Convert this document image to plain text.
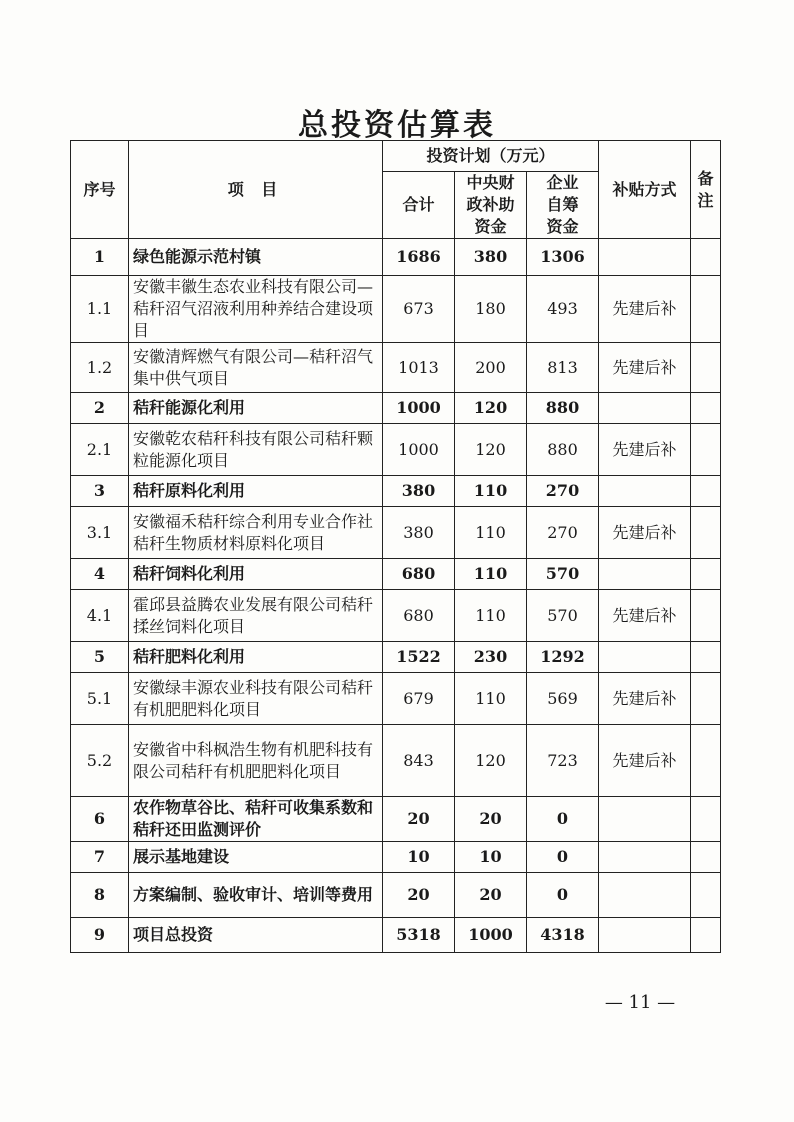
总投资估算表
序号	项 目	投资计划（万元）			补贴方式	备注
		合计	中央财政补助资金	企业自筹资金		
1	绿色能源示范村镇	1686	380	1306		
1.1	安徽丰徽生态农业科技有限公司—秸秆沼气沼液利用种养结合建设项目	673	180	493	先建后补	
1.2	安徽清辉燃气有限公司—秸秆沼气集中供气项目	1013	200	813	先建后补	
2	秸秆能源化利用	1000	120	880		
2.1	安徽乾农秸秆科技有限公司秸秆颗粒能源化项目	1000	120	880	先建后补	
3	秸秆原料化利用	380	110	270		
3.1	安徽福禾秸秆综合利用专业合作社秸秆生物质材料原料化项目	380	110	270	先建后补	
4	秸秆饲料化利用	680	110	570		
4.1	霍邱县益腾农业发展有限公司秸秆揉丝饲料化项目	680	110	570	先建后补	
5	秸秆肥料化利用	1522	230	1292		
5.1	安徽绿丰源农业科技有限公司秸秆有机肥肥料化项目	679	110	569	先建后补	
5.2	安徽省中科枫浩生物有机肥科技有限公司秸秆有机肥肥料化项目	843	120	723	先建后补	
6	农作物草谷比、秸秆可收集系数和秸秆还田监测评价	20	20	0		
7	展示基地建设	10	10	0		
8	方案编制、验收审计、培训等费用	20	20	0		
9	项目总投资	5318	1000	4318		
— 11 —
